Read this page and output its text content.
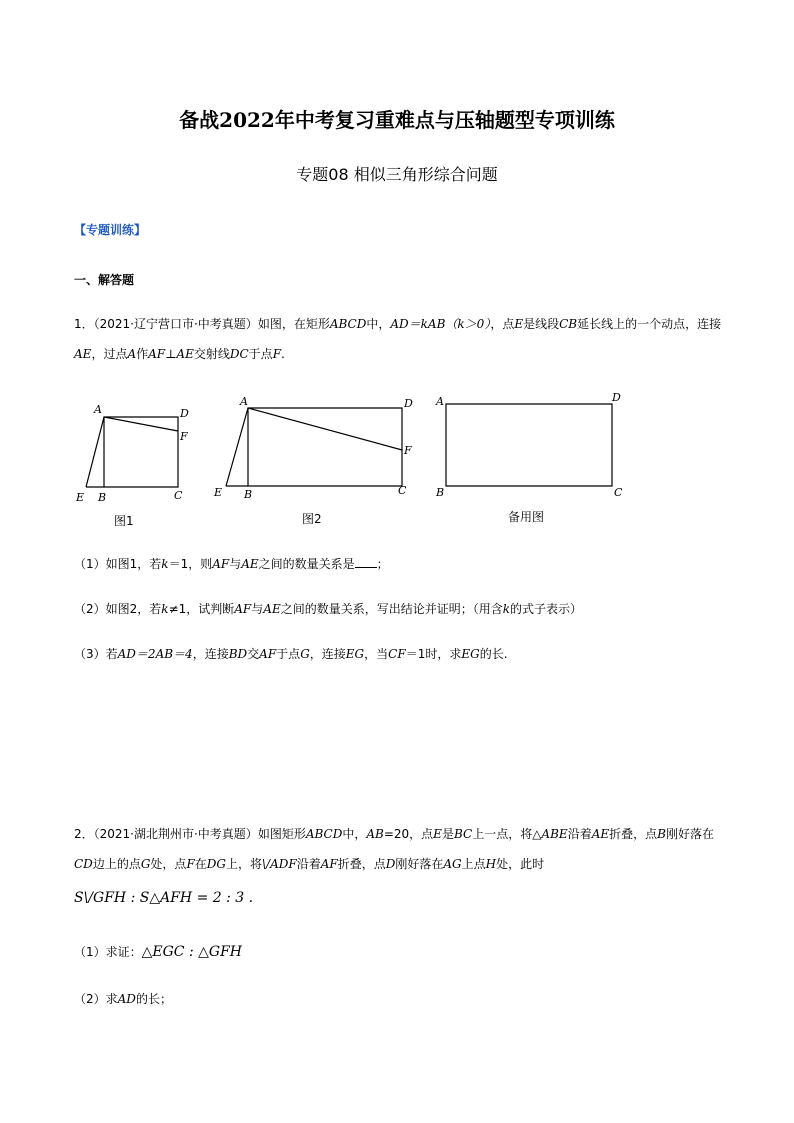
备战2022年中考复习重难点与压轴题型专项训练
专题08 相似三角形综合问题
【专题训练】
一、解答题
1．（2021·辽宁营口市·中考真题）如图，在矩形ABCD中，AD＝kAB（k＞0），点E是线段CB延长线上的一个动点，连接
AE，过点A作AF⊥AE交射线DC于点F.
A	D
F
E B	C
图1
A	D
F
E B	C
图2
A	D
B	C
备用图
（1）如图1，若k＝1，则AF与AE之间的数量关系是 ；
（2）如图2，若k≠1，试判断AF与AE之间的数量关系，写出结论并证明；（用含k的式子表示）
（3）若AD＝2AB＝4，连接BD交AF于点G，连接EG，当CF＝1时，求EG的长.
2．（2021·湖北荆州市·中考真题）如图矩形ABCD中，AB=20，点E是BC上一点，将△ABE沿着AE折叠，点B刚好落在
CD边上的点G处，点F在DG上，将\/ADF沿着AF折叠，点D刚好落在AG上点H处，此时
S\/GFH : S△AFH = 2 : 3 .
（1）求证：△EGC : △GFH
（2）求AD的长；
